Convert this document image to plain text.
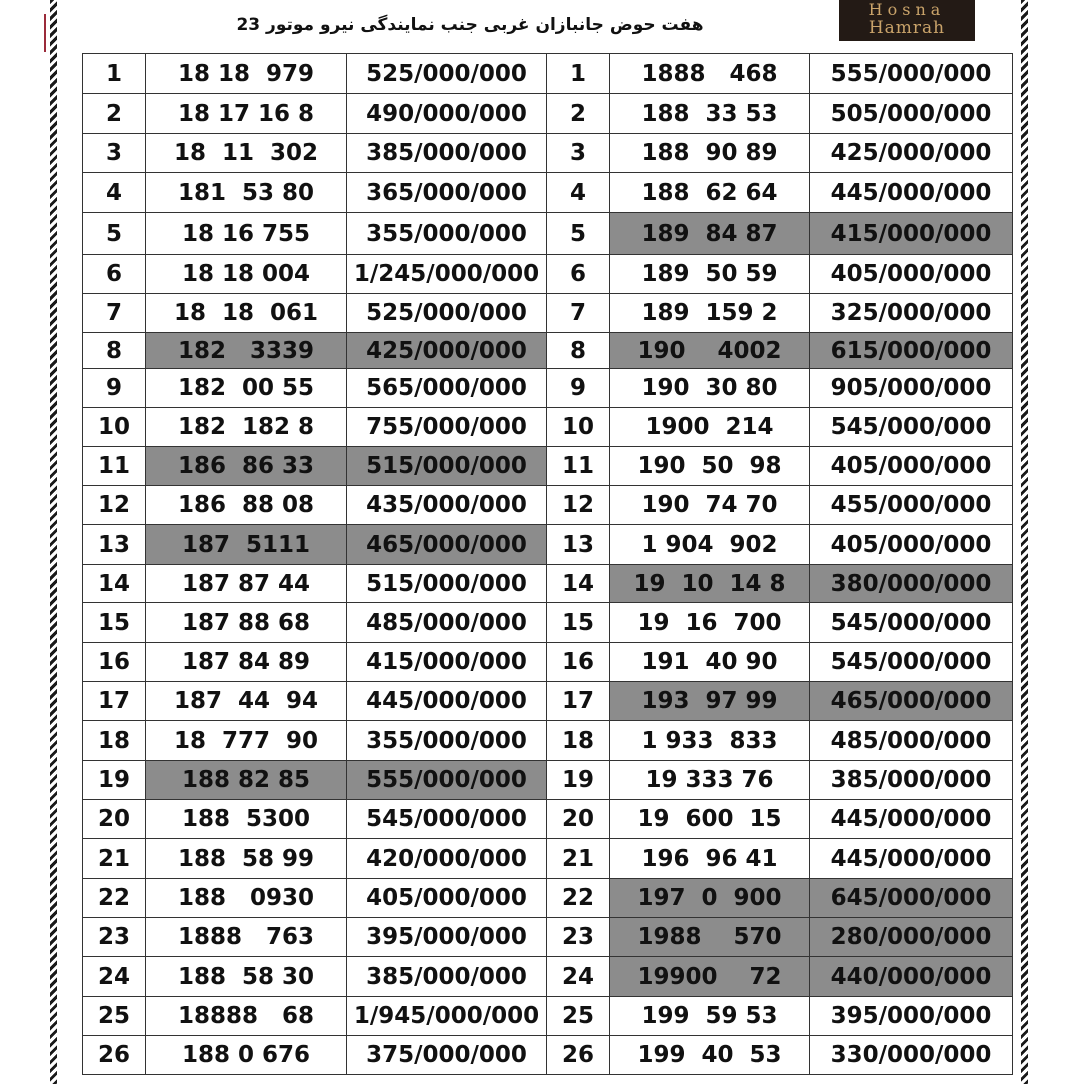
هفت حوض جانبازان غربی جنب نمایندگی نیرو موتور 23
Hosna
Hamrah
1	18 18  979	525/000/000	1	1888   468	555/000/000
2	18 17 16 8	490/000/000	2	188  33 53	505/000/000
3	18  11  302	385/000/000	3	188  90 89	425/000/000
4	181  53 80	365/000/000	4	188  62 64	445/000/000
5	18 16 755	355/000/000	5	189  84 87	415/000/000
6	18 18 004	1/245/000/000	6	189  50 59	405/000/000
7	18  18  061	525/000/000	7	189  159 2	325/000/000
8	182   3339	425/000/000	8	190    4002	615/000/000
9	182  00 55	565/000/000	9	190  30 80	905/000/000
10	182  182 8	755/000/000	10	1900  214	545/000/000
11	186  86 33	515/000/000	11	190  50  98	405/000/000
12	186  88 08	435/000/000	12	190  74 70	455/000/000
13	187  5111	465/000/000	13	1 904  902	405/000/000
14	187 87 44	515/000/000	14	19  10  14 8	380/000/000
15	187 88 68	485/000/000	15	19  16  700	545/000/000
16	187 84 89	415/000/000	16	191  40 90	545/000/000
17	187  44  94	445/000/000	17	193  97 99	465/000/000
18	18  777  90	355/000/000	18	1 933  833	485/000/000
19	188 82 85	555/000/000	19	19 333 76	385/000/000
20	188  5300	545/000/000	20	19  600  15	445/000/000
21	188  58 99	420/000/000	21	196  96 41	445/000/000
22	188   0930	405/000/000	22	197  0  900	645/000/000
23	1888   763	395/000/000	23	1988    570	280/000/000
24	188  58 30	385/000/000	24	19900    72	440/000/000
25	18888   68	1/945/000/000	25	199  59 53	395/000/000
26	188 0 676	375/000/000	26	199  40  53	330/000/000
